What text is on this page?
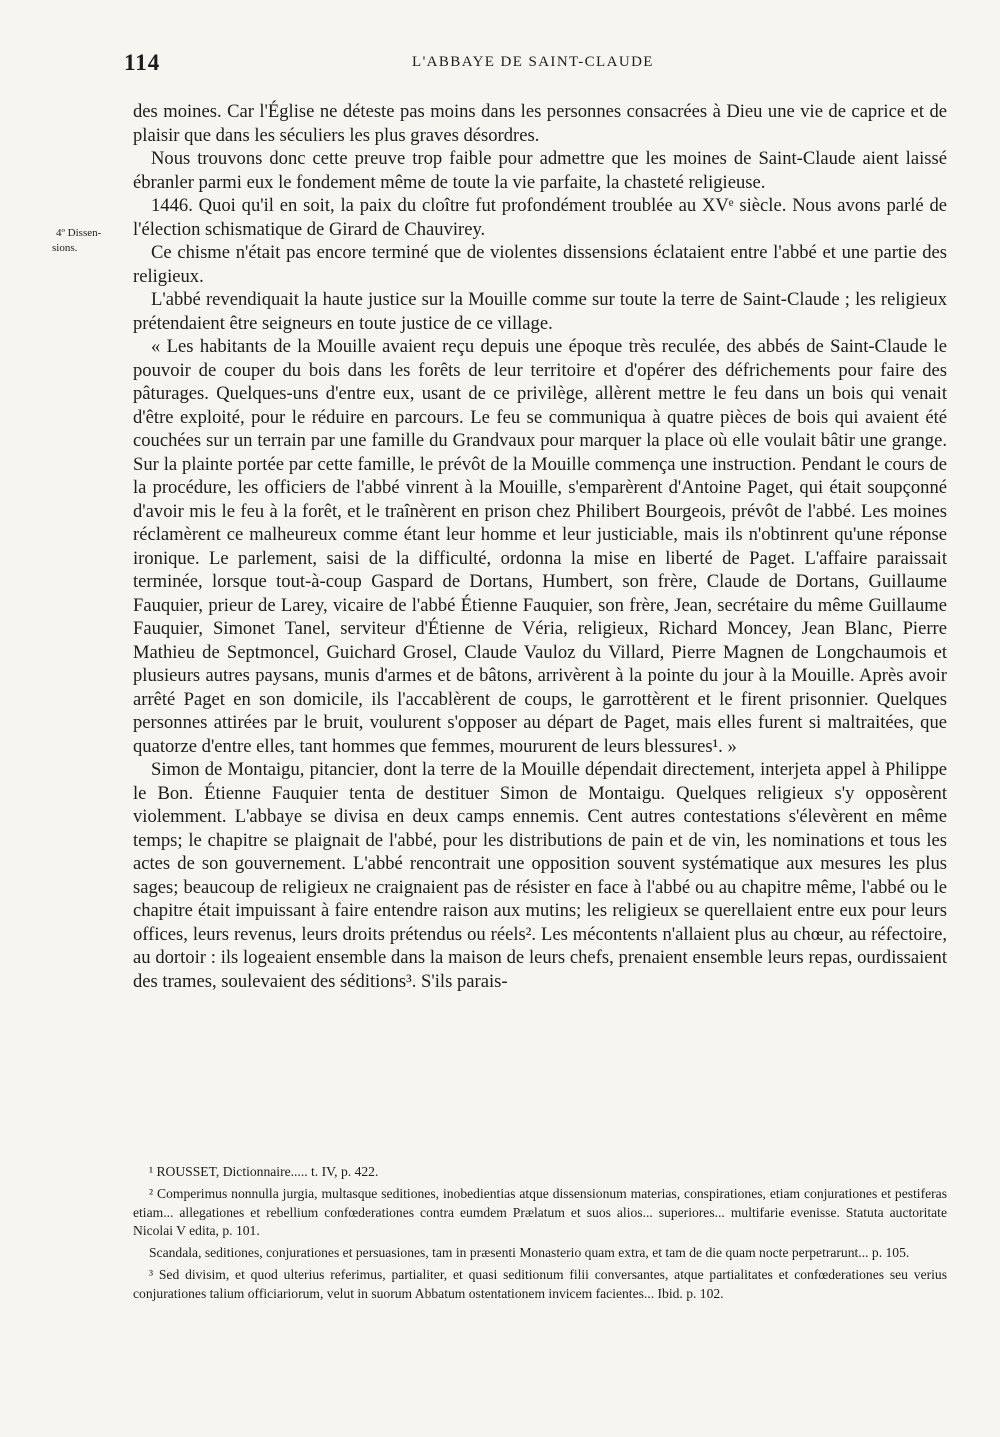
114	L'ABBAYE DE SAINT-CLAUDE
4º Dissen-
sions.

des moines. Car l'Église ne déteste pas moins dans les personnes consacrées à Dieu une vie de caprice et de plaisir que dans les séculiers les plus graves désordres.

Nous trouvons donc cette preuve trop faible pour admettre que les moines de Saint-Claude aient laissé ébranler parmi eux le fondement même de toute la vie parfaite, la chasteté religieuse.

1446. Quoi qu'il en soit, la paix du cloître fut profondément troublée au XVᵉ siècle. Nous avons parlé de l'élection schismatique de Girard de Chauvirey.

Ce chisme n'était pas encore terminé que de violentes dissensions éclataient entre l'abbé et une partie des religieux.

L'abbé revendiquait la haute justice sur la Mouille comme sur toute la terre de Saint-Claude ; les religieux prétendaient être seigneurs en toute justice de ce village.

« Les habitants de la Mouille avaient reçu depuis une époque très reculée, des abbés de Saint-Claude le pouvoir de couper du bois dans les forêts de leur territoire et d'opérer des défrichements pour faire des pâturages. Quelques-uns d'entre eux, usant de ce privilège, allèrent mettre le feu dans un bois qui venait d'être exploité, pour le réduire en parcours. Le feu se communiqua à quatre pièces de bois qui avaient été couchées sur un terrain par une famille du Grandvaux pour marquer la place où elle voulait bâtir une grange. Sur la plainte portée par cette famille, le prévôt de la Mouille commença une instruction. Pendant le cours de la procédure, les officiers de l'abbé vinrent à la Mouille, s'emparèrent d'Antoine Paget, qui était soupçonné d'avoir mis le feu à la forêt, et le traînèrent en prison chez Philibert Bourgeois, prévôt de l'abbé. Les moines réclamèrent ce malheureux comme étant leur homme et leur justiciable, mais ils n'obtinrent qu'une réponse ironique. Le parlement, saisi de la difficulté, ordonna la mise en liberté de Paget. L'affaire paraissait terminée, lorsque tout-à-coup Gaspard de Dortans, Humbert, son frère, Claude de Dortans, Guillaume Fauquier, prieur de Larey, vicaire de l'abbé Étienne Fauquier, son frère, Jean, secrétaire du même Guillaume Fauquier, Simonet Tanel, serviteur d'Étienne de Véria, religieux, Richard Moncey, Jean Blanc, Pierre Mathieu de Septmoncel, Guichard Grosel, Claude Vauloz du Villard, Pierre Magnen de Longchaumois et plusieurs autres paysans, munis d'armes et de bâtons, arrivèrent à la pointe du jour à la Mouille. Après avoir arrêté Paget en son domicile, ils l'accablèrent de coups, le garrottèrent et le firent prisonnier. Quelques personnes attirées par le bruit, voulurent s'opposer au départ de Paget, mais elles furent si maltraitées, que quatorze d'entre elles, tant hommes que femmes, moururent de leurs blessures¹. »

Simon de Montaigu, pitancier, dont la terre de la Mouille dépendait directement, interjeta appel à Philippe le Bon. Étienne Fauquier tenta de destituer Simon de Montaigu. Quelques religieux s'y opposèrent violemment. L'abbaye se divisa en deux camps ennemis. Cent autres contestations s'élevèrent en même temps; le chapitre se plaignait de l'abbé, pour les distributions de pain et de vin, les nominations et tous les actes de son gouvernement. L'abbé rencontrait une opposition souvent systématique aux mesures les plus sages; beaucoup de religieux ne craignaient pas de résister en face à l'abbé ou au chapitre même, l'abbé ou le chapitre était impuissant à faire entendre raison aux mutins; les religieux se querellaient entre eux pour leurs offices, leurs revenus, leurs droits prétendus ou réels². Les mécontents n'allaient plus au chœur, au réfectoire, au dortoir : ils logeaient ensemble dans la maison de leurs chefs, prenaient ensemble leurs repas, ourdissaient des trames, soulevaient des séditions³. S'ils parais-

¹ ROUSSET, Dictionnaire..... t. IV, p. 422.

² Comperimus nonnulla jurgia, multasque seditiones, inobedientias atque dissensionum materias, conspirationes, etiam conjurationes et pestiferas etiam... allegationes et rebellium confœderationes contra eumdem Prælatum et suos alios... superiores... multifarie evenisse. Statuta auctoritate Nicolai V edita, p. 101.

Scandala, seditiones, conjurationes et persuasiones, tam in præsenti Monasterio quam extra, et tam de die quam nocte perpetrarunt... p. 105.

³ Sed divisim, et quod ulterius referimus, partialiter, et quasi seditionum filii conversantes, atque partialitates et confœderationes seu verius conjurationes talium officiariorum, velut in suorum Abbatum ostentationem invicem facientes... Ibid. p. 102.
